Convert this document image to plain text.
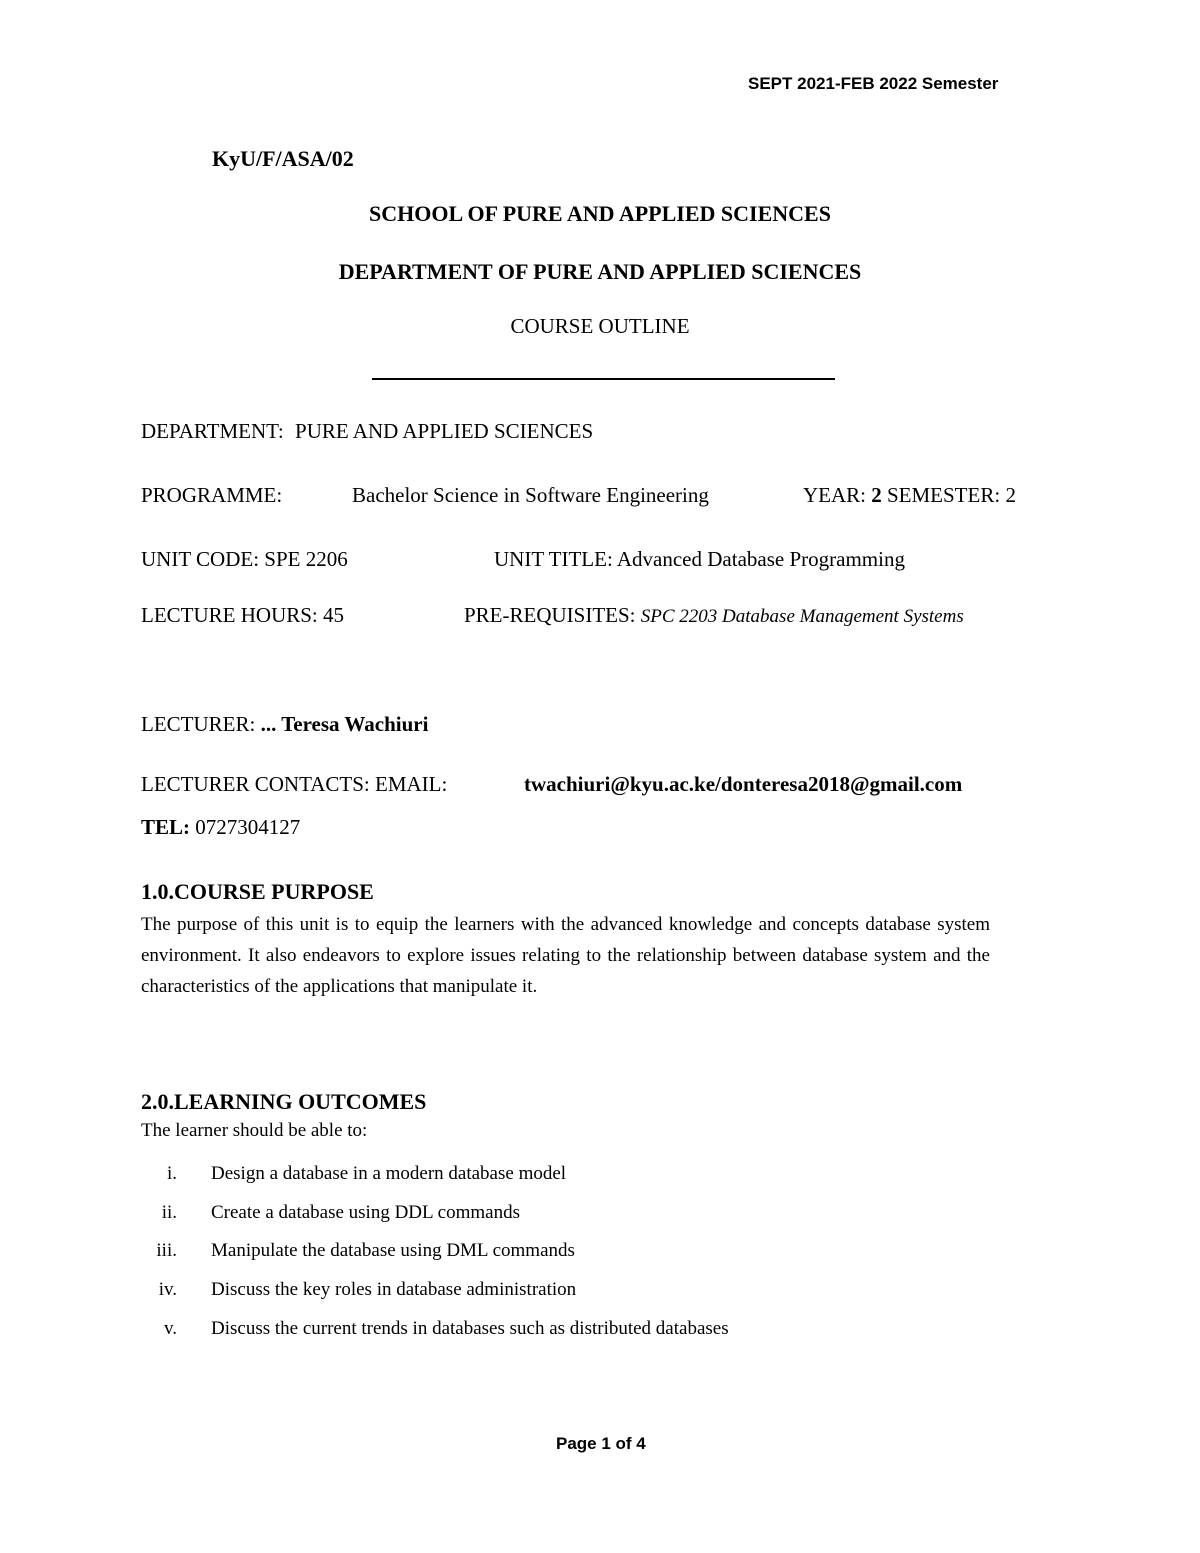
SEPT 2021-FEB 2022 Semester
KyU/F/ASA/02
SCHOOL OF PURE AND APPLIED SCIENCES
DEPARTMENT OF PURE AND APPLIED SCIENCES
COURSE OUTLINE
DEPARTMENT: PURE AND APPLIED SCIENCES
PROGRAMME:	Bachelor Science in Software Engineering	YEAR: 2 SEMESTER: 2
UNIT CODE: SPE 2206	UNIT TITLE: Advanced Database Programming
LECTURE HOURS: 45	PRE-REQUISITES: SPC 2203 Database Management Systems
LECTURER: ... Teresa Wachiuri
LECTURER CONTACTS: EMAIL:	twachiuri@kyu.ac.ke/donteresa2018@gmail.com
TEL: 0727304127
1.0.COURSE PURPOSE
The purpose of this unit is to equip the learners with the advanced knowledge and concepts database system environment. It also endeavors to explore issues relating to the relationship between database system and the characteristics of the applications that manipulate it.
2.0.LEARNING OUTCOMES
The learner should be able to:
i. Design a database in a modern database model
ii. Create a database using DDL commands
iii. Manipulate the database using DML commands
iv. Discuss the key roles in database administration
v. Discuss the current trends in databases such as distributed databases
Page 1 of 4
